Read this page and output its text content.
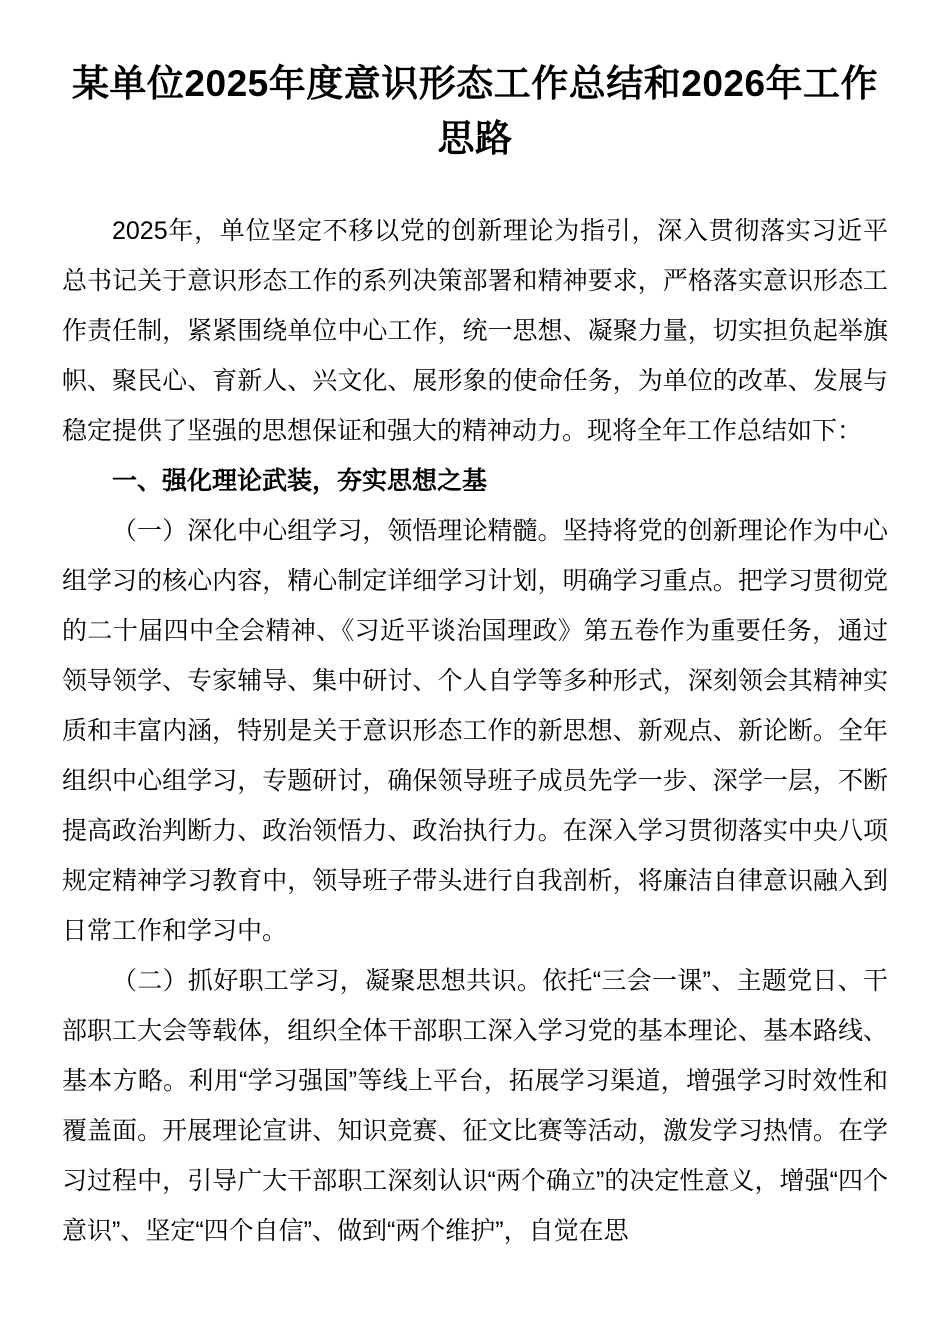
某单位2025年度意识形态工作总结和2026年工作思路

2025年，单位坚定不移以党的创新理论为指引，深入贯彻落实习近平总书记关于意识形态工作的系列决策部署和精神要求，严格落实意识形态工作责任制，紧紧围绕单位中心工作，统一思想、凝聚力量，切实担负起举旗帜、聚民心、育新人、兴文化、展形象的使命任务，为单位的改革、发展与稳定提供了坚强的思想保证和强大的精神动力。现将全年工作总结如下：

一、强化理论武装，夯实思想之基

（一）深化中心组学习，领悟理论精髓。坚持将党的创新理论作为中心组学习的核心内容，精心制定详细学习计划，明确学习重点。把学习贯彻党的二十届四中全会精神、《习近平谈治国理政》第五卷作为重要任务，通过领导领学、专家辅导、集中研讨、个人自学等多种形式，深刻领会其精神实质和丰富内涵，特别是关于意识形态工作的新思想、新观点、新论断。全年组织中心组学习，专题研讨，确保领导班子成员先学一步、深学一层，不断提高政治判断力、政治领悟力、政治执行力。在深入学习贯彻落实中央八项规定精神学习教育中，领导班子带头进行自我剖析，将廉洁自律意识融入到日常工作和学习中。

（二）抓好职工学习，凝聚思想共识。依托“三会一课”、主题党日、干部职工大会等载体，组织全体干部职工深入学习党的基本理论、基本路线、基本方略。利用“学习强国”等线上平台，拓展学习渠道，增强学习时效性和覆盖面。开展理论宣讲、知识竞赛、征文比赛等活动，激发学习热情。在学习过程中，引导广大干部职工深刻认识“两个确立”的决定性意义，增强“四个意识”、坚定“四个自信”、做到“两个维护”，自觉在思
